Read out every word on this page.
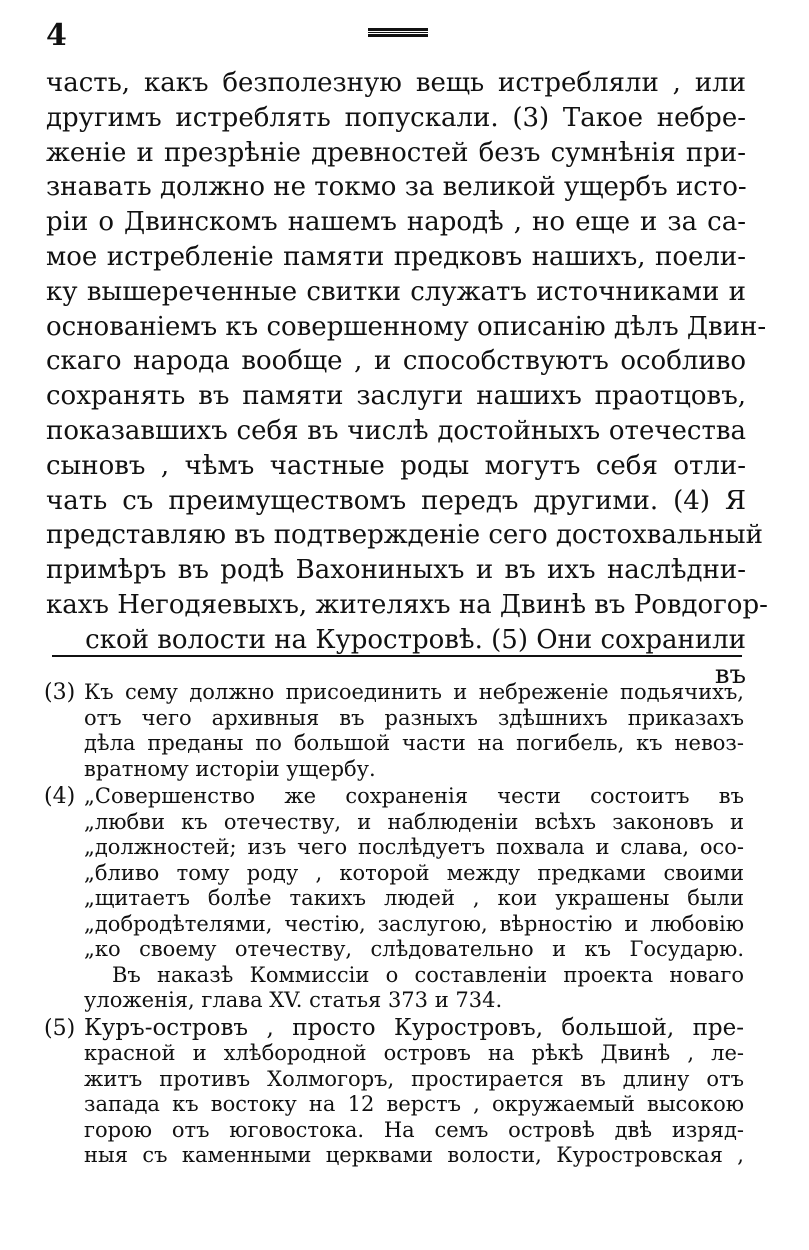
4
часть, какъ безполезную вещь истребляли , или
другимъ истреблять попускали. (3) Такое небре-
женіе и презрѣніе древностей безъ сумнѣнія при-
знавать должно не токмо за великой ущербъ исто-
ріи о Двинскомъ нашемъ народѣ , но еще и за са-
мое истребленіе памяти предковъ нашихъ, поели-
ку вышереченные свитки служатъ источниками и
основаніемъ къ совершенному описанію дѣлъ Двин-
скаго народа вообще , и способствуютъ особливо
сохранять въ памяти заслуги нашихъ праотцовъ,
показавшихъ себя въ числѣ достойныхъ отечества
сыновъ , чѣмъ частные роды могутъ себя отли-
чать съ преимуществомъ передъ другими. (4) Я
представляю въ подтвержденіе сего достохвальный
примѣръ въ родѣ Вахониныхъ и въ ихъ наслѣдни-
кахъ Негодяевыхъ, жителяхъ на Двинѣ въ Ровдогор-
ской волости на Куростровѣ. (5) Они сохранили
въ
(3) Къ сему должно присоединить и небреженіе подьячихъ,
отъ чего архивныя въ разныхъ здѣшнихъ приказахъ
дѣла преданы по большой части на погибель, къ невоз-
вратному исторіи ущербу.
(4) „Совершенство же сохраненія чести состоитъ въ
„любви къ отечеству, и наблюденіи всѣхъ законовъ и
„должностей; изъ чего послѣдуетъ похвала и слава, осо-
„бливо тому роду , которой между предками своими
„щитаетъ болѣе такихъ людей , кои украшены были
„добродѣтелями, честію, заслугою, вѣрностію и любовію
„ко своему отечеству, слѣдовательно и къ Государю.
Въ наказѣ Коммиссіи о составленіи проекта новаго
уложенія, глава XV. статья 373 и 734.
(5) Куръ-островъ , просто Куростровъ, большой, пре-
красной и хлѣбородной островъ на рѣкѣ Двинѣ , ле-
житъ противъ Холмогоръ, простирается въ длину отъ
запада къ востоку на 12 верстъ , окружаемый высокою
горою отъ юговостока. На семъ островѣ двѣ изряд-
ныя съ каменными церквами волости, Куростровская ,
